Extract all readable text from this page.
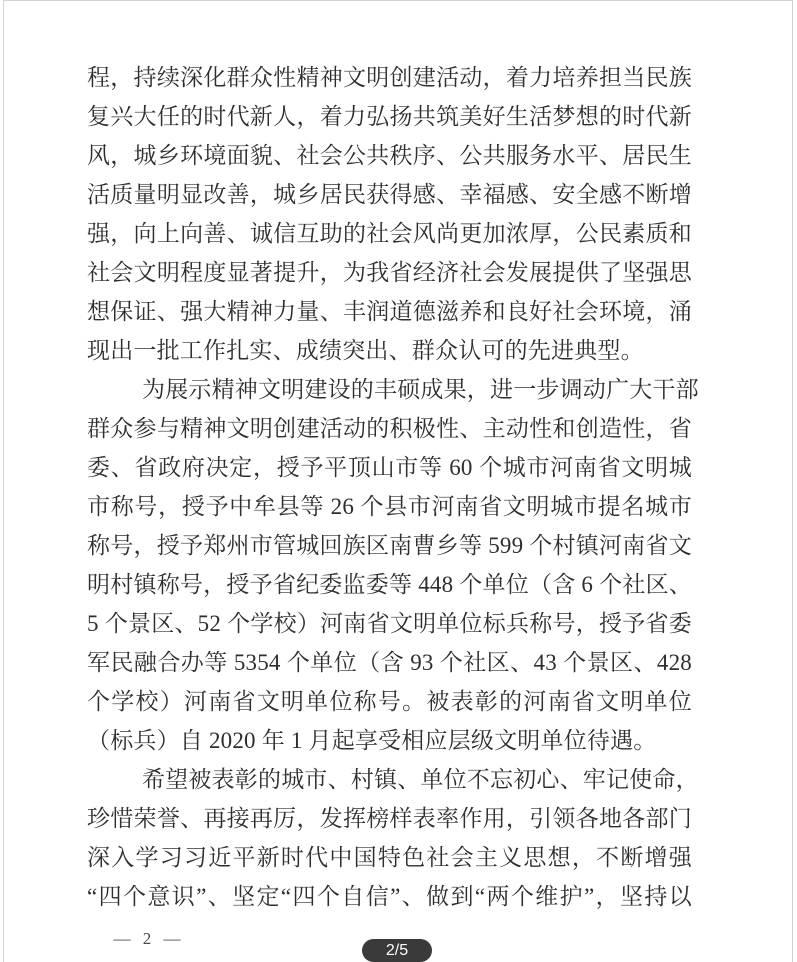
程，持续深化群众性精神文明创建活动，着力培养担当民族
复兴大任的时代新人，着力弘扬共筑美好生活梦想的时代新
风，城乡环境面貌、社会公共秩序、公共服务水平、居民生
活质量明显改善，城乡居民获得感、幸福感、安全感不断增
强，向上向善、诚信互助的社会风尚更加浓厚，公民素质和
社会文明程度显著提升，为我省经济社会发展提供了坚强思
想保证、强大精神力量、丰润道德滋养和良好社会环境，涌
现出一批工作扎实、成绩突出、群众认可的先进典型。
为展示精神文明建设的丰硕成果，进一步调动广大干部
群众参与精神文明创建活动的积极性、主动性和创造性，省
委、省政府决定，授予平顶山市等 60 个城市河南省文明城
市称号，授予中牟县等 26 个县市河南省文明城市提名城市
称号，授予郑州市管城回族区南曹乡等 599 个村镇河南省文
明村镇称号，授予省纪委监委等 448 个单位（含 6 个社区、
5 个景区、52 个学校）河南省文明单位标兵称号，授予省委
军民融合办等 5354 个单位（含 93 个社区、43 个景区、428
个学校）河南省文明单位称号。被表彰的河南省文明单位
（标兵）自 2020 年 1 月起享受相应层级文明单位待遇。
希望被表彰的城市、村镇、单位不忘初心、牢记使命，
珍惜荣誉、再接再厉，发挥榜样表率作用，引领各地各部门
深入学习习近平新时代中国特色社会主义思想，不断增强
“四个意识”、坚定“四个自信”、做到“两个维护”，坚持以
— 2 —
2/5
